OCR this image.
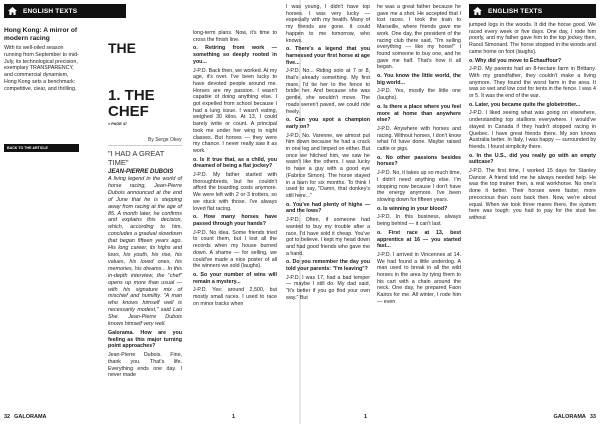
ENGLISH TEXTS	ENGLISH TEXTS
Hong Kong: A mirror of modern racing
With its well-oiled season running from September to mid-July, its technological precision, exemplary TRANSPARENCY, and commercial dynamism, Hong Kong sets a benchmark: competitive, clear, and thrilling.
BACK TO THE ARTICLE
THE
1. THE
CHEF
> PAGE 47
By Serge Okey
"I HAD A GREAT TIME"
JEAN-PIERRE DUBOIS
A living legend in the world of horse racing, Jean-Pierre Dubois announced at the end of June that he is stepping away from racing at the age of 85. A month later, he confirms and explains this decision, which, according to him, concludes a gradual slowdown that began fifteen years ago. His long career, its highs and lows, his youth, his rise, his values, his loved ones, his memories, his dreams... In this in-depth interview, the "chef" opens up more than usual — with his signature mix of mischief and humility. "A man who knows himself well is necessarily modest," said Lao She. Jean-Pierre Dubois knows himself very well.

Galorama. How are you feeling as this major turning point approaches?

Jean-Pierre Dubois. Fine, thank you. That's life. Everything ends one day. I never made

long-term plans. Now, it's time to cross the finish line.

o. Retiring from work — something so deeply rooted in you...

J-P.D. Back then, we worked. At my age, it's over. I've been lucky to have devoted people around me. Horses are my passion. I wasn't capable of doing anything else. I got expelled from school because I had a lung issue. I wasn't eating, weighed 30 kilos. At 13, I could barely write or count. A principal took me under her wing in night classes. But horses — they were my chance. I never really saw it as work.

o. Is it true that, as a child, you dreamed of being a flat jockey?

J-P.D. My father started with thoroughbreds, but he couldn't afford the boarding costs anymore. We were left with 2 or 3 trotters, so we stuck with those. I've always loved flat racing.

o. How many horses have passed through your hands?

J-P.D. No idea. Some friends tried to count them, but I lost all the records when my house burned down. A shame — for selling, we could've made a nice poster of all the winners we sold (laughs).

o. So your number of wins will remain a mystery...

J-P.D. Yes: around 2,500, but mostly small races. I used to race on minor tracks when

I was young, I didn't have top horses. I was very lucky — especially with my health. Many of my friends are gone. It could happen to me tomorrow, who knows.

o. There's a legend that you harnessed your first horse at age five...

J-P.D. No... Riding solo at 7 or 8, that's already something. My first mare, I'd tie her to the fence to bridle her. And because she was gentle, she wouldn't move. The roads weren't paved, we could ride freely.

o. Can you spot a champion early on?

J-P.D. No. Varenne, we almost put him down because he had a crack in one leg and limped on either. But once we hitched him, we saw he wasn't like the others. I was lucky to have a guy with a good eye (Fabrice Simon). The horse stayed in a barn for six months. To think I used to say, "Damn, that donkey's still here..."

o. You've had plenty of highs — and the lows?

J-P.D. Often, if someone had wanted to buy my trouble after a race, I'd have sold it cheap. You've got to believe. I kept my head down and had good friends who gave me a hand.

o. Do you remember the day you told your parents: "I'm leaving"?

J-P.D. I was 17, had a bad temper — maybe I still do. My dad said, "It's better if you go find your own way." But

he was a great father because he gave me a shot. He accepted that I lost races. I took the train to Marseille, where friends gave me work. One day, the president of the racing club there said, "I'm selling everything — like my horse!" I found someone to buy one, and he gave me half. That's how it all began.

o. You know the little world, the big world...

J-P.D. Yes, mostly the little one (laughs).

o. Is there a place where you feel more at home than anywhere else?

J-P.D. Anywhere with horses and racing. Without horses, I don't know what I'd have done. Maybe raised cattle or pigs.

o. No other passions besides horses?

J-P.D. No, it takes up so much time, I didn't need anything else. I'm stopping now because I don't have the energy anymore. I've been slowing down for fifteen years.

o. Is winning in your blood?

J-P.D. In this business, always being behind — it can't last.

o. First race at 13, best apprentice at 16 — you started fast...

J-P.D. I arrived in Vincennes at 14. We had found a little underdog. A man used to break in all the wild horses in the area by tying them to his cart with a chain around the neck. One day, he prepared Faon Kairos for me. All winter, I rode him — even

jumped logs in the woods. It did the horse good. We raced every week or five days. One day, I rode him poorly, and my father gave him to the top jockey then, Raoul Simonard. The horse stopped in the woods and came home on foot (laughs).

o. Why did you move to Échauffour?

J-P.D. My parents had an 8-hectare farm in Brittany. With my grandfather, they couldn't make a living anymore. They found the worst farm in the area. It was so wet and low cost for tents in the fence. I was 4 or 5. It was the end of the war.

o. Later, you became quite the globetrotter...

J-P.D. I liked seeing what was going on elsewhere, understanding top stallions everywhere. I would've stayed in Canada if they hadn't stopped racing in Quebec. I have great friends there. My son knows Australia better. In Italy, I was happy — surrounded by friends. I found simplicity there.

o. In the U.S., did you really go with an empty suitcase?

J-P.D. The first time, I worked 15 days for Stanley Dancer. A friend told me he always needed help. He was the top trainer then, a real workhorse. No one's done it better. Their horses were faster, more precocious than ours back then. Now, we're about equal. When we took three mares there, the system here was tough: you had to pay for the stud fee without

32 GALORAMA	1	1	GALORAMA 33
